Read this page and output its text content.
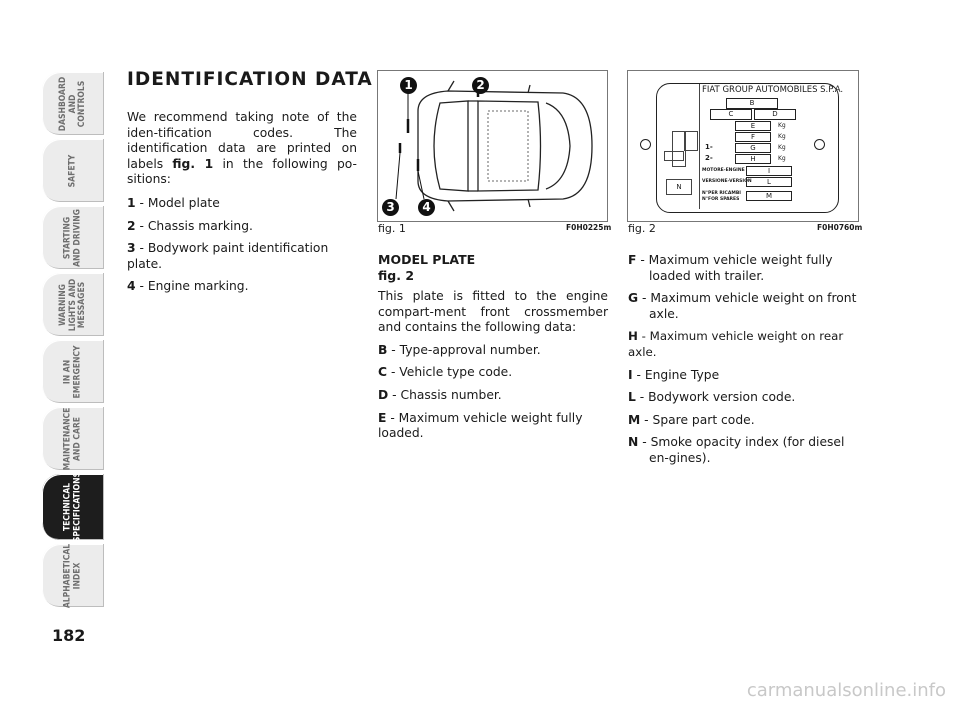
DASHBOARD
AND
CONTROLS
SAFETY
STARTING
AND DRIVING
WARNING
LIGHTS AND
MESSAGES
IN AN
EMERGENCY
MAINTENANCE
AND CARE
TECHNICAL
SPECIFICATIONS
ALPHABETICAL
INDEX
182
IDENTIFICATION DATA

We recommend taking note of the iden-tification codes. The identification data are printed on labels fig. 1 in the following po-sitions:

1 - Model plate

2 - Chassis marking.

3 - Bodywork paint identification plate.

4 - Engine marking.

1	2
3	4
fig. 1	F0H0225m
FIAT GROUP AUTOMOBILES S.P.A.
N
B
C	D
E	Kg
F	Kg
1-	G	Kg
2-	H	Kg
MOTORE-ENGINE	I
VERSIONE-VERSION	L
N°PER RICAMBI
N°FOR SPARES	M
fig. 2	F0H0760m

MODEL PLATE

fig. 2

This plate is fitted to the engine compart-ment front crossmember and contains the following data:

B - Type-approval number.

C - Vehicle type code.

D - Chassis number.

E - Maximum vehicle weight fully loaded.

F - Maximum vehicle weight fully loaded with trailer.

G - Maximum vehicle weight on front axle.

H - Maximum vehicle weight on rear axle.

I - Engine Type

L - Bodywork version code.

M - Spare part code.

N - Smoke opacity index (for diesel en-gines).

carmanualsonline.info
